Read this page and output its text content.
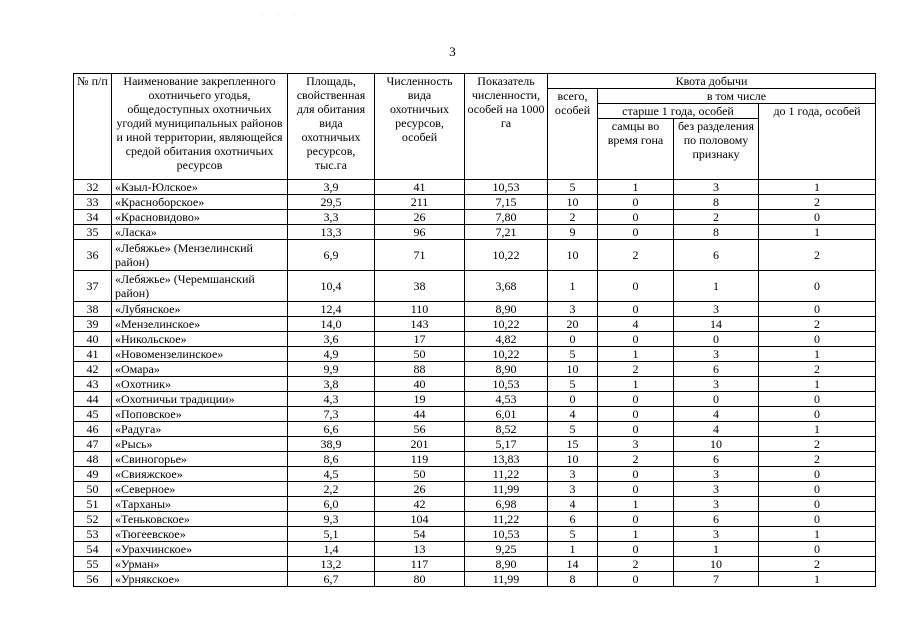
. . .
3
№ п/п	Наименование закрепленного охотничьего угодья, общедоступных охотничьих угодий муниципальных районов и иной территории, являющейся средой обитания охотничьих ресурсов	Площадь, свойственная для обитания вида охотничьих ресурсов, тыс.га	Численность вида охотничьих ресурсов, особей	Показатель численности, особей на 1000 га	Квота добычи			
					всего, особей	в том числе		
						старше 1 года, особей		до 1 года, особей
						самцы во время гона	без разделения по половому признаку	
32	«Кзыл-Юлское»	3,9	41	10,53	5	1	3	1
33	«Красноборское»	29,5	211	7,15	10	0	8	2
34	«Красновидово»	3,3	26	7,80	2	0	2	0
35	«Ласка»	13,3	96	7,21	9	0	8	1
36	«Лебяжье» (Мензелинский район)	6,9	71	10,22	10	2	6	2
37	«Лебяжье» (Черемшанский район)	10,4	38	3,68	1	0	1	0
38	«Лубянское»	12,4	110	8,90	3	0	3	0
39	«Мензелинское»	14,0	143	10,22	20	4	14	2
40	«Никольское»	3,6	17	4,82	0	0	0	0
41	«Новомензелинское»	4,9	50	10,22	5	1	3	1
42	«Омара»	9,9	88	8,90	10	2	6	2
43	«Охотник»	3,8	40	10,53	5	1	3	1
44	«Охотничьи традиции»	4,3	19	4,53	0	0	0	0
45	«Поповское»	7,3	44	6,01	4	0	4	0
46	«Радуга»	6,6	56	8,52	5	0	4	1
47	«Рысь»	38,9	201	5,17	15	3	10	2
48	«Свиногорье»	8,6	119	13,83	10	2	6	2
49	«Свияжское»	4,5	50	11,22	3	0	3	0
50	«Северное»	2,2	26	11,99	3	0	3	0
51	«Тарханы»	6,0	42	6,98	4	1	3	0
52	«Теньковское»	9,3	104	11,22	6	0	6	0
53	«Тюгеевское»	5,1	54	10,53	5	1	3	1
54	«Урахчинское»	1,4	13	9,25	1	0	1	0
55	«Урман»	13,2	117	8,90	14	2	10	2
56	«Урнякское»	6,7	80	11,99	8	0	7	1
